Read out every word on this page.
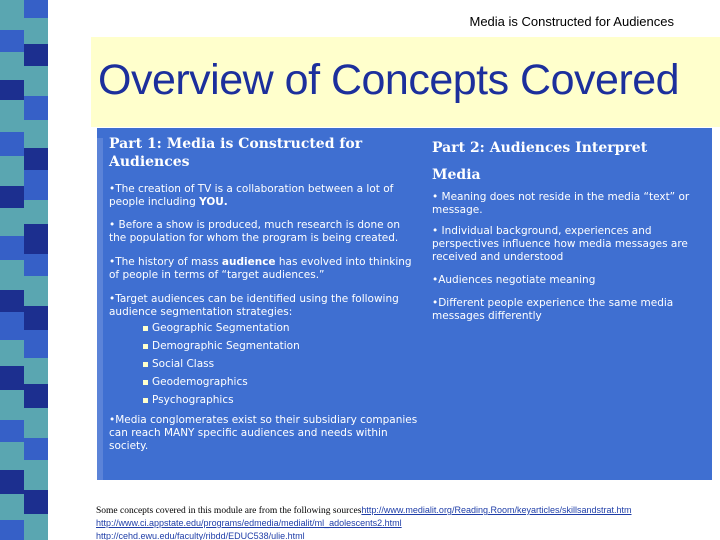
Media is Constructed for Audiences
Overview of Concepts Covered
Part 1: Media is Constructed for Audiences
•The creation of TV is a collaboration between a lot of people including YOU.
• Before a show is produced, much research is done on the population for whom the program is being created.
•The history of mass audience has evolved into thinking of people in terms of “target audiences.”
•Target audiences can be identified using the following audience segmentation strategies:
Geographic Segmentation
Demographic Segmentation
Social Class
Geodemographics
Psychographics
•Media conglomerates exist so their subsidiary companies can reach MANY specific audiences and needs within society.
Part 2: Audiences Interpret
Media
• Meaning does not reside in the media “text” or message.
• Individual background, experiences and perspectives influence how media messages are received and understood
•Audiences negotiate meaning
•Different people experience the same media messages differently
Some concepts covered in this module are from the following sourceshttp://www.medialit.org/Reading.Room/keyarticles/skillsandstrat.htm
http://www.ci.appstate.edu/programs/edmedia/medialit/ml_adolescents2.html
http://cehd.ewu.edu/faculty/ribdd/EDUC538/ulie.html
